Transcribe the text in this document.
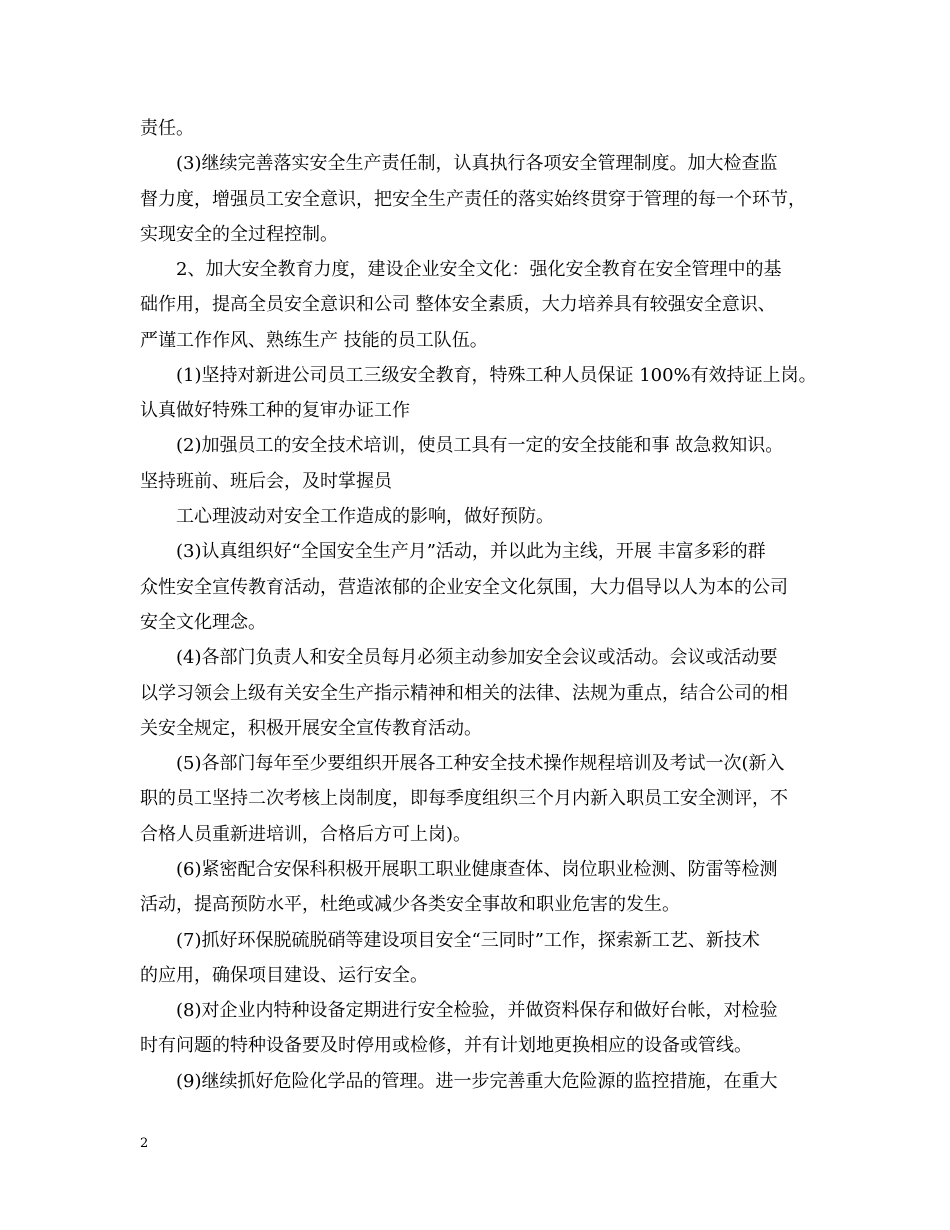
责任。
(3)继续完善落实安全生产责任制，认真执行各项安全管理制度。加大检查监
督力度，增强员工安全意识，把安全生产责任的落实始终贯穿于管理的每一个环节，
实现安全的全过程控制。
2、加大安全教育力度，建设企业安全文化：强化安全教育在安全管理中的基
础作用，提高全员安全意识和公司 整体安全素质，大力培养具有较强安全意识、
严谨工作作风、熟练生产 技能的员工队伍。
(1)坚持对新进公司员工三级安全教育，特殊工种人员保证 100%有效持证上岗。
认真做好特殊工种的复审办证工作
(2)加强员工的安全技术培训，使员工具有一定的安全技能和事 故急救知识。
坚持班前、班后会，及时掌握员
工心理波动对安全工作造成的影响，做好预防。
(3)认真组织好“全国安全生产月”活动，并以此为主线，开展 丰富多彩的群
众性安全宣传教育活动，营造浓郁的企业安全文化氛围，大力倡导以人为本的公司
安全文化理念。
(4)各部门负责人和安全员每月必须主动参加安全会议或活动。会议或活动要
以学习领会上级有关安全生产指示精神和相关的法律、法规为重点，结合公司的相
关安全规定，积极开展安全宣传教育活动。
(5)各部门每年至少要组织开展各工种安全技术操作规程培训及考试一次(新入
职的员工坚持二次考核上岗制度，即每季度组织三个月内新入职员工安全测评，不
合格人员重新进培训，合格后方可上岗)。
(6)紧密配合安保科积极开展职工职业健康查体、岗位职业检测、防雷等检测
活动，提高预防水平，杜绝或减少各类安全事故和职业危害的发生。
(7)抓好环保脱硫脱硝等建设项目安全“三同时”工作，探索新工艺、新技术
的应用，确保项目建设、运行安全。
(8)对企业内特种设备定期进行安全检验，并做资料保存和做好台帐，对检验
时有问题的特种设备要及时停用或检修，并有计划地更换相应的设备或管线。
(9)继续抓好危险化学品的管理。进一步完善重大危险源的监控措施，在重大
2
